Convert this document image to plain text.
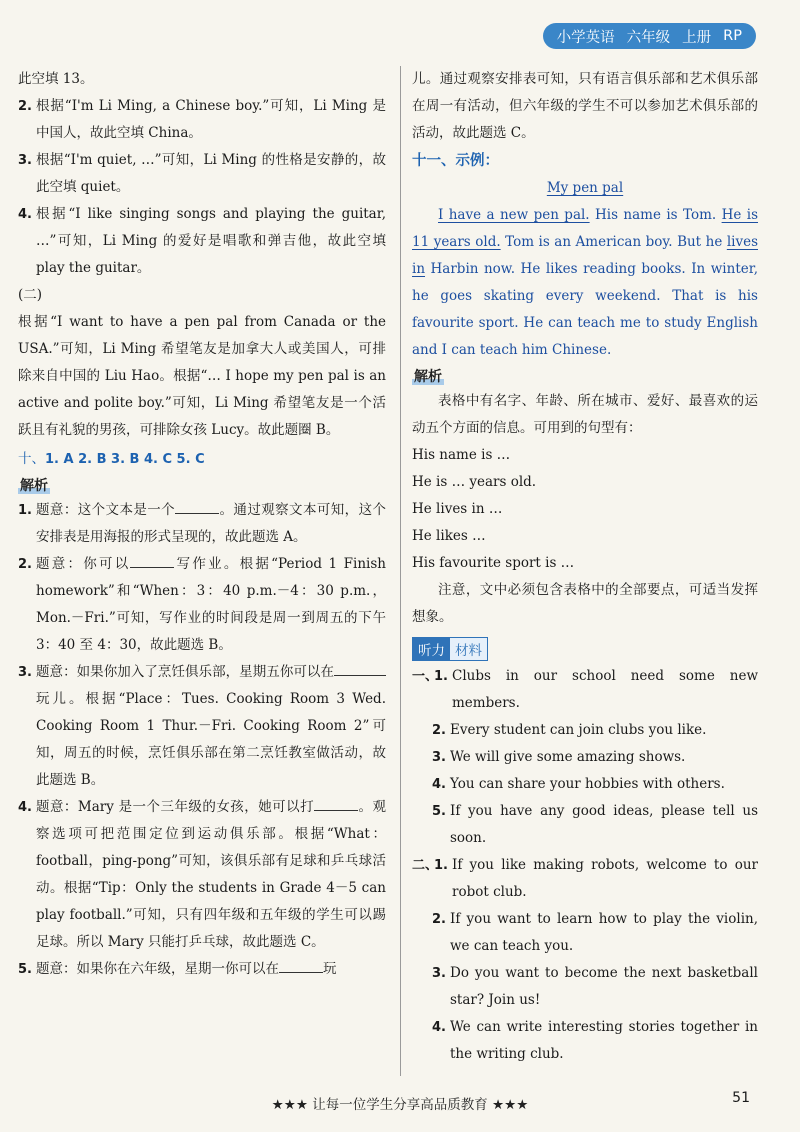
小学英语 六年级 上册 RP

此空填 13。

2. 根据“I'm Li Ming, a Chinese boy.”可知，Li Ming 是中国人，故此空填 China。
3. 根据“I'm quiet, …”可知，Li Ming 的性格是安静的，故此空填 quiet。
4. 根据“I like singing songs and playing the guitar, …”可知，Li Ming 的爱好是唱歌和弹吉他，故此空填 play the guitar。

(二)

根据“I want to have a pen pal from Canada or the USA.”可知，Li Ming 希望笔友是加拿大人或美国人，可排除来自中国的 Liu Hao。根据“… I hope my pen pal is an active and polite boy.”可知，Li Ming 希望笔友是一个活跃且有礼貌的男孩，可排除女孩 Lucy。故此题圈 B。

十、1. A 2. B 3. B 4. C 5. C

解析
1. 题意：这个文本是一个	。通过观察文本可知，这个安排表是用海报的形式呈现的，故此题选 A。
2. 题意：你可以	写作业。根据“Period 1 Finish homework”和“When：3：40 p.m.－4：30 p.m.，Mon.－Fri.”可知，写作业的时间段是周一到周五的下午 3：40 至 4：30，故此题选 B。
3. 题意：如果你加入了烹饪俱乐部，星期五你可以在玩儿。根据“Place：Tues. Cooking Room 3 Wed. Cooking Room 1 Thur.－Fri. Cooking Room 2”可知，周五的时候，烹饪俱乐部在第二烹饪教室做活动，故此题选 B。
4. 题意：Mary 是一个三年级的女孩，她可以打	。观察选项可把范围定位到运动俱乐部。根据“What：football，ping-pong”可知，该俱乐部有足球和乒乓球活动。根据“Tip：Only the students in Grade 4－5 can play football.”可知，只有四年级和五年级的学生可以踢足球。所以 Mary 只能打乒乓球，故此题选 C。
5. 题意：如果你在六年级，星期一你可以在	玩

儿。通过观察安排表可知，只有语言俱乐部和艺术俱乐部在周一有活动，但六年级的学生不可以参加艺术俱乐部的活动，故此题选 C。

十一、示例：
My pen pal

I have a new pen pal. His name is Tom. He is 11 years old. Tom is an American boy. But he lives in Harbin now. He likes reading books. In winter, he goes skating every weekend. That is his favourite sport. He can teach me to study English and I can teach him Chinese.

解析

表格中有名字、年龄、所在城市、爱好、最喜欢的运动五个方面的信息。可用到的句型有：

His name is …

He is … years old.

He lives in …

He likes …

His favourite sport is …

注意，文中必须包含表格中的全部要点，可适当发挥想象。

听力 材料
一、
1. Clubs in our school need some new members.
2. Every student can join clubs you like.
3. We will give some amazing shows.
4. You can share your hobbies with others.
5. If you have any good ideas, please tell us soon.
二、
1. If you like making robots, welcome to our robot club.
2. If you want to learn how to play the violin, we can teach you.
3. Do you want to become the next basketball star? Join us!
4. We can write interesting stories together in the writing club.
★★★ 让每一位学生分享高品质教育 ★★★	51
